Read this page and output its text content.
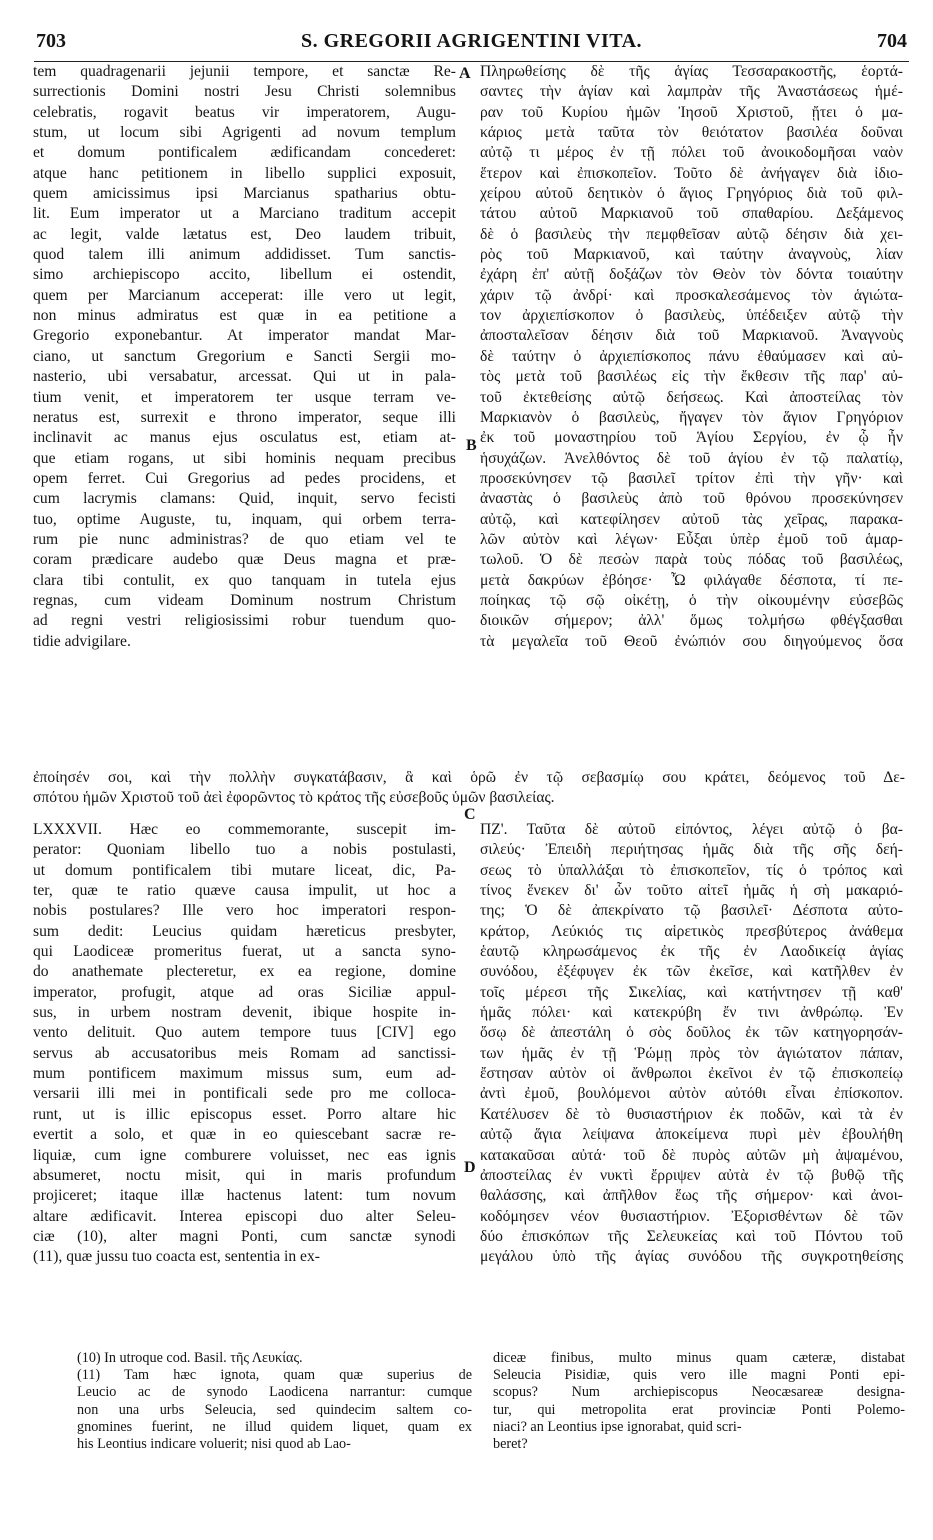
703	S. GREGORII AGRIGENTINI VITA.	704
tem quadragenarii jejunii tempore, et sanctæ Re-
surrectionis Domini nostri Jesu Christi solemnibus
celebratis, rogavit beatus vir imperatorem, Augu-
stum, ut locum sibi Agrigenti ad novum templum
et domum pontificalem ædificandam concederet:
atque hanc petitionem in libello supplici exposuit,
quem amicissimus ipsi Marcianus spatharius obtu-
lit. Eum imperator ut a Marciano traditum accepit
ac legit, valde lætatus est, Deo laudem tribuit,
quod talem illi animum addidisset. Tum sanctis-
simo archiepiscopo accito, libellum ei ostendit,
quem per Marcianum acceperat: ille vero ut legit,
non minus admiratus est quæ in ea petitione a
Gregorio exponebantur. At imperator mandat Mar-
ciano, ut sanctum Gregorium e Sancti Sergii mo-
nasterio, ubi versabatur, arcessat. Qui ut in pala-
tium venit, et imperatorem ter usque terram ve-
neratus est, surrexit e throno imperator, seque illi
inclinavit ac manus ejus osculatus est, etiam at-
que etiam rogans, ut sibi hominis nequam precibus
opem ferret. Cui Gregorius ad pedes procidens, et
cum lacrymis clamans: Quid, inquit, servo fecisti
tuo, optime Auguste, tu, inquam, qui orbem terra-
rum pie nunc administras? de quo etiam vel te
coram prædicare audebo quæ Deus magna et præ-
clara tibi contulit, ex quo tanquam in tutela ejus
regnas, cum videam Dominum nostrum Christum
ad regni vestri religiosissimi robur tuendum quo-
tidie advigilare.
Πληρωθείσης δὲ τῆς ἁγίας Τεσσαρακοστῆς, ἑορτά-
σαντες τὴν ἁγίαν καὶ λαμπρὰν τῆς Ἀναστάσεως ἡμέ-
ραν τοῦ Κυρίου ἡμῶν Ἰησοῦ Χριστοῦ, ᾔτει ὁ μα-
κάριος μετὰ ταῦτα τὸν θειότατον βασιλέα δοῦναι
αὐτῷ τι μέρος ἐν τῇ πόλει τοῦ ἀνοικοδομῆσαι ναὸν
ἕτερον καὶ ἐπισκοπεῖον. Τοῦτο δὲ ἀνήγαγεν διὰ ἰδιο-
χείρου αὐτοῦ δεητικὸν ὁ ἅγιος Γρηγόριος διὰ τοῦ φιλ-
τάτου αὐτοῦ Μαρκιανοῦ τοῦ σπαθαρίου. Δεξάμενος
δὲ ὁ βασιλεὺς τὴν πεμφθεῖσαν αὐτῷ δέησιν διὰ χει-
ρὸς τοῦ Μαρκιανοῦ, καὶ ταύτην ἀναγνοὺς, λίαν
ἐχάρη ἐπ' αὐτῇ δοξάζων τὸν Θεὸν τὸν δόντα τοιαύτην
χάριν τῷ ἀνδρί· καὶ προσκαλεσάμενος τὸν ἁγιώτα-
τον ἀρχιεπίσκοπον ὁ βασιλεὺς, ὑπέδειξεν αὐτῷ τὴν
ἀποσταλεῖσαν δέησιν διὰ τοῦ Μαρκιανοῦ. Ἀναγνοὺς
δὲ ταύτην ὁ ἀρχιεπίσκοπος πάνυ ἐθαύμασεν καὶ αὐ-
τὸς μετὰ τοῦ βασιλέως εἰς τὴν ἔκθεσιν τῆς παρ' αὐ-
τοῦ ἐκτεθείσης αὐτῷ δεήσεως. Καὶ ἀποστείλας τὸν
Μαρκιανὸν ὁ βασιλεὺς, ἤγαγεν τὸν ἅγιον Γρηγόριον
ἐκ τοῦ μοναστηρίου τοῦ Ἁγίου Σεργίου, ἐν ᾧ ἦν
ἡσυχάζων. Ἀνελθόντος δὲ τοῦ ἁγίου ἐν τῷ παλατίῳ,
προσεκύνησεν τῷ βασιλεῖ τρίτον ἐπὶ τὴν γῆν· καὶ
ἀναστὰς ὁ βασιλεὺς ἀπὸ τοῦ θρόνου προσεκύνησεν
αὐτῷ, καὶ κατεφίλησεν αὐτοῦ τὰς χεῖρας, παρακα-
λῶν αὐτὸν καὶ λέγων· Εὖξαι ὑπὲρ ἐμοῦ τοῦ ἁμαρ-
τωλοῦ. Ὁ δὲ πεσὼν παρὰ τοὺς πόδας τοῦ βασιλέως,
μετὰ δακρύων ἐβόησε· Ὦ φιλάγαθε δέσποτα, τί πε-
ποίηκας τῷ σῷ οἰκέτῃ, ὁ τὴν οἰκουμένην εὐσεβῶς
διοικῶν σήμερον; ἀλλ' ὅμως τολμήσω φθέγξασθαι
τὰ μεγαλεῖα τοῦ Θεοῦ ἐνώπιόν σου διηγούμενος ὅσα
ἐποίησέν σοι, καὶ τὴν πολλὴν συγκατάβασιν, ἃ καὶ ὁρῶ ἐν τῷ σεβασμίῳ σου κράτει, δεόμενος τοῦ Δε-
σπότου ἡμῶν Χριστοῦ τοῦ ἀεὶ ἐφορῶντος τὸ κράτος τῆς εὐσεβοῦς ὑμῶν βασιλείας.
LXXXVII. Hæc eo commemorante, suscepit im-
perator: Quoniam libello tuo a nobis postulasti,
ut domum pontificalem tibi mutare liceat, dic, Pa-
ter, quæ te ratio quæve causa impulit, ut hoc a
nobis postulares? Ille vero hoc imperatori respon-
sum dedit: Leucius quidam hæreticus presbyter,
qui Laodiceæ promeritus fuerat, ut a sancta syno-
do anathemate plecteretur, ex ea regione, domine
imperator, profugit, atque ad oras Siciliæ appul-
sus, in urbem nostram devenit, ibique hospite in-
vento delituit. Quo autem tempore tuus [CIV] ego
servus ab accusatoribus meis Romam ad sanctissi-
mum pontificem maximum missus sum, eum ad-
versarii illi mei in pontificali sede pro me colloca-
runt, ut is illic episcopus esset. Porro altare hic
evertit a solo, et quæ in eo quiescebant sacræ re-
liquiæ, cum igne comburere voluisset, nec eas ignis
absumeret, noctu misit, qui in maris profundum
projiceret; itaque illæ hactenus latent: tum novum
altare ædificavit. Interea episcopi duo alter Seleu-
ciæ (10), alter magni Ponti, cum sanctæ synodi
(11), quæ jussu tuo coacta est, sententia in ex-
ΠΖ'. Ταῦτα δὲ αὐτοῦ εἰπόντος, λέγει αὐτῷ ὁ βα-
σιλεύς· Ἐπειδὴ περιήτησας ἡμᾶς διὰ τῆς σῆς δεή-
σεως τὸ ὑπαλλάξαι τὸ ἐπισκοπεῖον, τίς ὁ τρόπος καὶ
τίνος ἕνεκεν δι' ὧν τοῦτο αἰτεῖ ἡμᾶς ἡ σὴ μακαριό-
της; Ὁ δὲ ἀπεκρίνατο τῷ βασιλεῖ· Δέσποτα αὐτο-
κράτορ, Λεύκιός τις αἱρετικὸς πρεσβύτερος ἀνάθεμα
ἑαυτῷ κληρωσάμενος ἐκ τῆς ἐν Λαοδικείᾳ ἁγίας
συνόδου, ἐξέφυγεν ἐκ τῶν ἐκεῖσε, καὶ κατῆλθεν ἐν
τοῖς μέρεσι τῆς Σικελίας, καὶ κατήντησεν τῇ καθ'
ἡμᾶς πόλει· καὶ κατεκρύβη ἔν τινι ἀνθρώπῳ. Ἐν
ὅσῳ δὲ ἀπεστάλη ὁ σὸς δοῦλος ἐκ τῶν κατηγορησάν-
των ἡμᾶς ἐν τῇ Ῥώμῃ πρὸς τὸν ἁγιώτατον πάπαν,
ἔστησαν αὐτὸν οἱ ἄνθρωποι ἐκεῖνοι ἐν τῷ ἐπισκοπείῳ
ἀντὶ ἐμοῦ, βουλόμενοι αὐτὸν αὐτόθι εἶναι ἐπίσκοπον.
Κατέλυσεν δὲ τὸ θυσιαστήριον ἐκ ποδῶν, καὶ τὰ ἐν
αὐτῷ ἅγια λείψανα ἀποκείμενα πυρὶ μὲν ἐβουλήθη
κατακαῦσαι αὐτά· τοῦ δὲ πυρὸς αὐτῶν μὴ ἁψαμένου,
ἀποστείλας ἐν νυκτὶ ἔρριψεν αὐτὰ ἐν τῷ βυθῷ τῆς
θαλάσσης, καὶ ἀπῆλθον ἕως τῆς σήμερον· καὶ ἀνοι-
κοδόμησεν νέον θυσιαστήριον. Ἐξορισθέντων δὲ τῶν
δύο ἐπισκόπων τῆς Σελευκείας καὶ τοῦ Πόντου τοῦ
μεγάλου ὑπὸ τῆς ἁγίας συνόδου τῆς συγκροτηθείσης
A
B
C
D
(10) In utroque cod. Basil. τῆς Λευκίας.
(11) Tam hæc ignota, quam quæ superius de
Leucio ac de synodo Laodicena narrantur: cumque
non una urbs Seleucia, sed quindecim saltem co-
gnomines fuerint, ne illud quidem liquet, quam ex
his Leontius indicare voluerit; nisi quod ab Lao-
diceæ finibus, multo minus quam cæteræ, distabat
Seleucia Pisidiæ, quis vero ille magni Ponti epi-
scopus? Num archiepiscopus Neocæsareæ designa-
tur, qui metropolita erat provinciæ Ponti Polemo-
niaci? an Leontius ipse ignorabat, quid scri-
beret?
